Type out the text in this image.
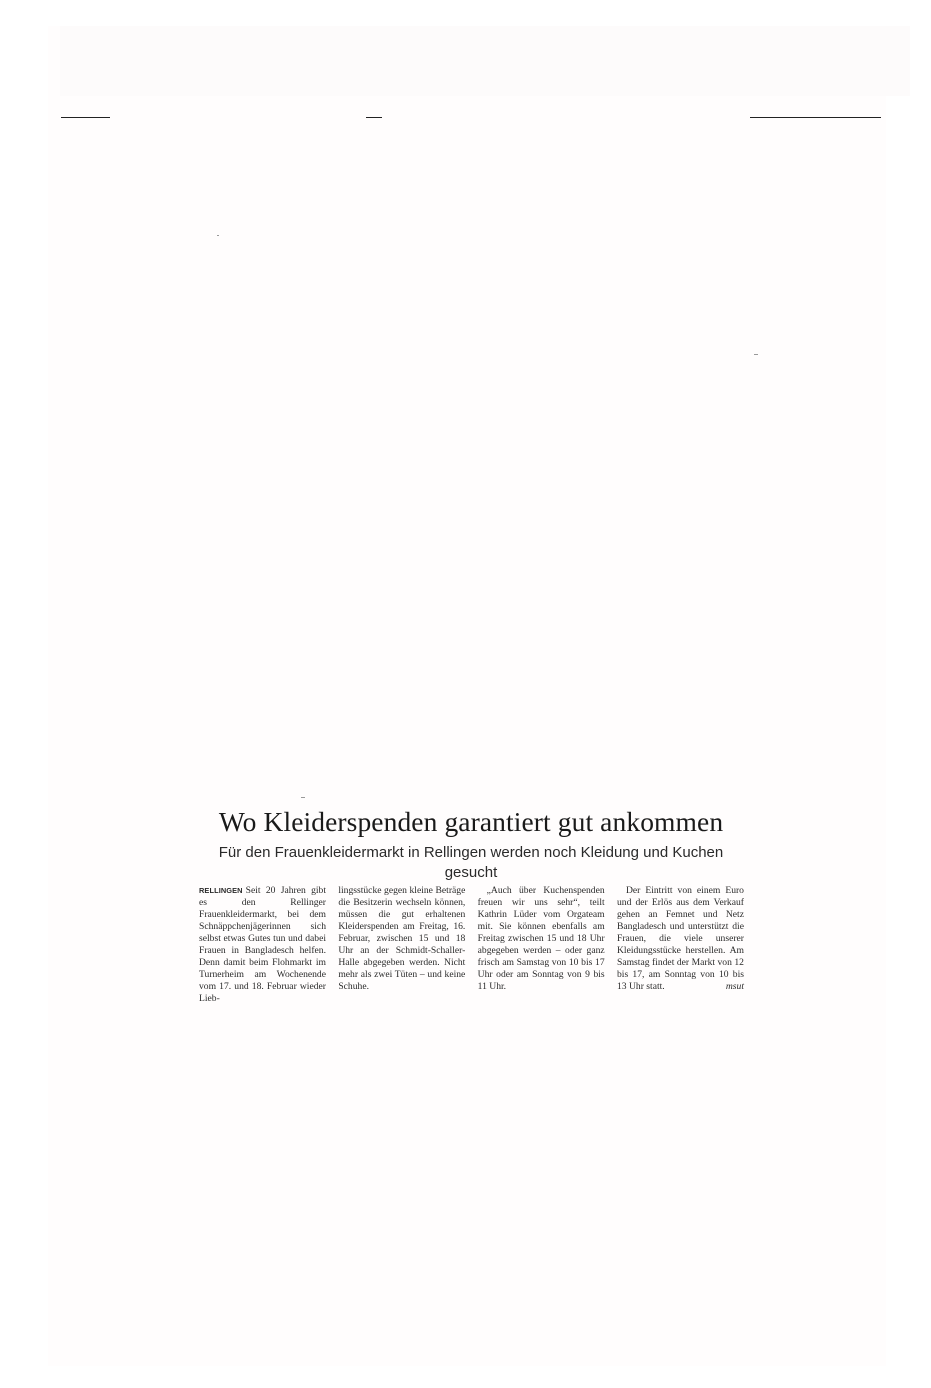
Wo Kleiderspenden garantiert gut ankommen

Für den Frauenkleidermarkt in Rellingen werden noch Kleidung und Kuchen gesucht

RELLINGEN Seit 20 Jahren gibt es den Rellinger Frauenkleidermarkt, bei dem Schnäppchenjägerinnen sich selbst etwas Gutes tun und dabei Frauen in Bangladesch helfen. Denn damit beim Flohmarkt im Turnerheim am Wochenende vom 17. und 18. Februar wieder Lieb-

lingsstücke gegen kleine Beträge die Besitzerin wechseln können, müssen die gut erhaltenen Kleiderspenden am Freitag, 16. Februar, zwischen 15 und 18 Uhr an der Schmidt-Schaller-Halle abgegeben werden. Nicht mehr als zwei Tüten – und keine Schuhe.

„Auch über Kuchenspenden freuen wir uns sehr“, teilt Kathrin Lüder vom Orgateam mit. Sie können ebenfalls am Freitag zwischen 15 und 18 Uhr abgegeben werden – oder ganz frisch am Samstag von 10 bis 17 Uhr oder am Sonntag von 9 bis 11 Uhr.

Der Eintritt von einem Euro und der Erlös aus dem Verkauf gehen an Femnet und Netz Bangladesch und unterstützt die Frauen, die viele unserer Kleidungsstücke herstellen. Am Samstag findet der Markt von 12 bis 17, am Sonntag von 10 bis 13 Uhr statt.	msut
